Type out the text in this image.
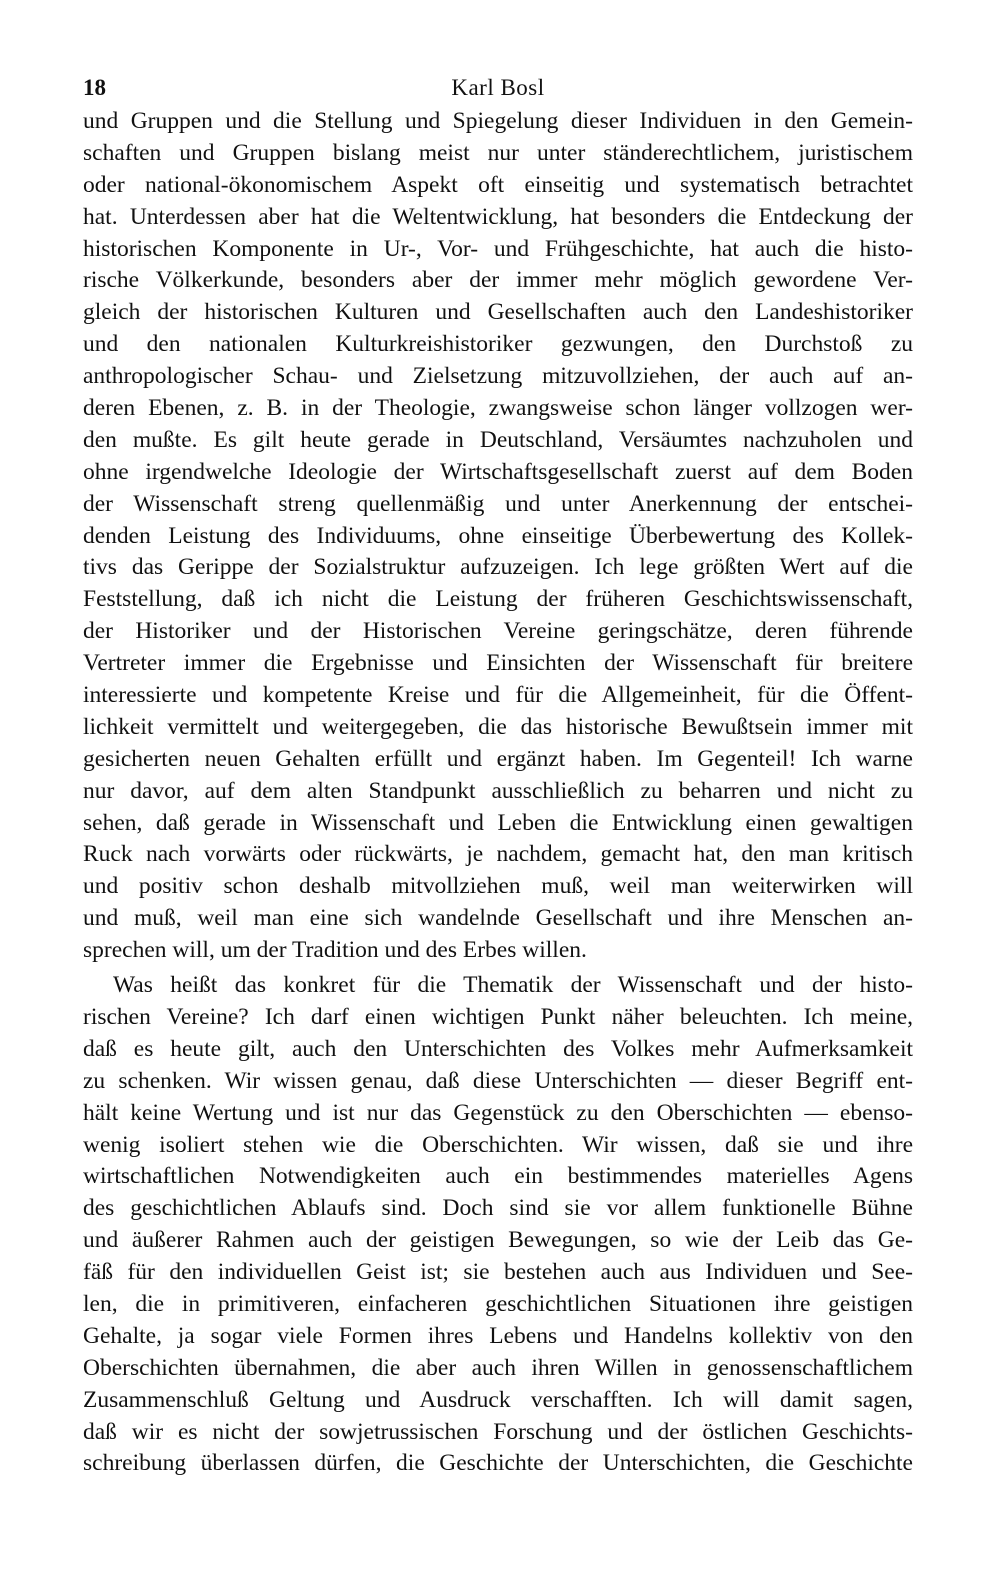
18	Karl Bosl
und Gruppen und die Stellung und Spiegelung dieser Individuen in den Gemein-
schaften und Gruppen bislang meist nur unter ständerechtlichem, juristischem
oder national-ökonomischem Aspekt oft einseitig und systematisch betrachtet
hat. Unterdessen aber hat die Weltentwicklung, hat besonders die Entdeckung der
historischen Komponente in Ur-, Vor- und Frühgeschichte, hat auch die histo-
rische Völkerkunde, besonders aber der immer mehr möglich gewordene Ver-
gleich der historischen Kulturen und Gesellschaften auch den Landeshistoriker
und den nationalen Kulturkreishistoriker gezwungen, den Durchstoß zu
anthropologischer Schau- und Zielsetzung mitzuvollziehen, der auch auf an-
deren Ebenen, z. B. in der Theologie, zwangsweise schon länger vollzogen wer-
den mußte. Es gilt heute gerade in Deutschland, Versäumtes nachzuholen und
ohne irgendwelche Ideologie der Wirtschaftsgesellschaft zuerst auf dem Boden
der Wissenschaft streng quellenmäßig und unter Anerkennung der entschei-
denden Leistung des Individuums, ohne einseitige Überbewertung des Kollek-
tivs das Gerippe der Sozialstruktur aufzuzeigen. Ich lege größten Wert auf die
Feststellung, daß ich nicht die Leistung der früheren Geschichtswissenschaft,
der Historiker und der Historischen Vereine geringschätze, deren führende
Vertreter immer die Ergebnisse und Einsichten der Wissenschaft für breitere
interessierte und kompetente Kreise und für die Allgemeinheit, für die Öffent-
lichkeit vermittelt und weitergegeben, die das historische Bewußtsein immer mit
gesicherten neuen Gehalten erfüllt und ergänzt haben. Im Gegenteil! Ich warne
nur davor, auf dem alten Standpunkt ausschließlich zu beharren und nicht zu
sehen, daß gerade in Wissenschaft und Leben die Entwicklung einen gewaltigen
Ruck nach vorwärts oder rückwärts, je nachdem, gemacht hat, den man kritisch
und positiv schon deshalb mitvollziehen muß, weil man weiterwirken will
und muß, weil man eine sich wandelnde Gesellschaft und ihre Menschen an-
sprechen will, um der Tradition und des Erbes willen.
Was heißt das konkret für die Thematik der Wissenschaft und der histo-
rischen Vereine? Ich darf einen wichtigen Punkt näher beleuchten. Ich meine,
daß es heute gilt, auch den Unterschichten des Volkes mehr Aufmerksamkeit
zu schenken. Wir wissen genau, daß diese Unterschichten — dieser Begriff ent-
hält keine Wertung und ist nur das Gegenstück zu den Oberschichten — ebenso-
wenig isoliert stehen wie die Oberschichten. Wir wissen, daß sie und ihre
wirtschaftlichen Notwendigkeiten auch ein bestimmendes materielles Agens
des geschichtlichen Ablaufs sind. Doch sind sie vor allem funktionelle Bühne
und äußerer Rahmen auch der geistigen Bewegungen, so wie der Leib das Ge-
fäß für den individuellen Geist ist; sie bestehen auch aus Individuen und See-
len, die in primitiveren, einfacheren geschichtlichen Situationen ihre geistigen
Gehalte, ja sogar viele Formen ihres Lebens und Handelns kollektiv von den
Oberschichten übernahmen, die aber auch ihren Willen in genossenschaftlichem
Zusammenschluß Geltung und Ausdruck verschafften. Ich will damit sagen,
daß wir es nicht der sowjetrussischen Forschung und der östlichen Geschichts-
schreibung überlassen dürfen, die Geschichte der Unterschichten, die Geschichte
